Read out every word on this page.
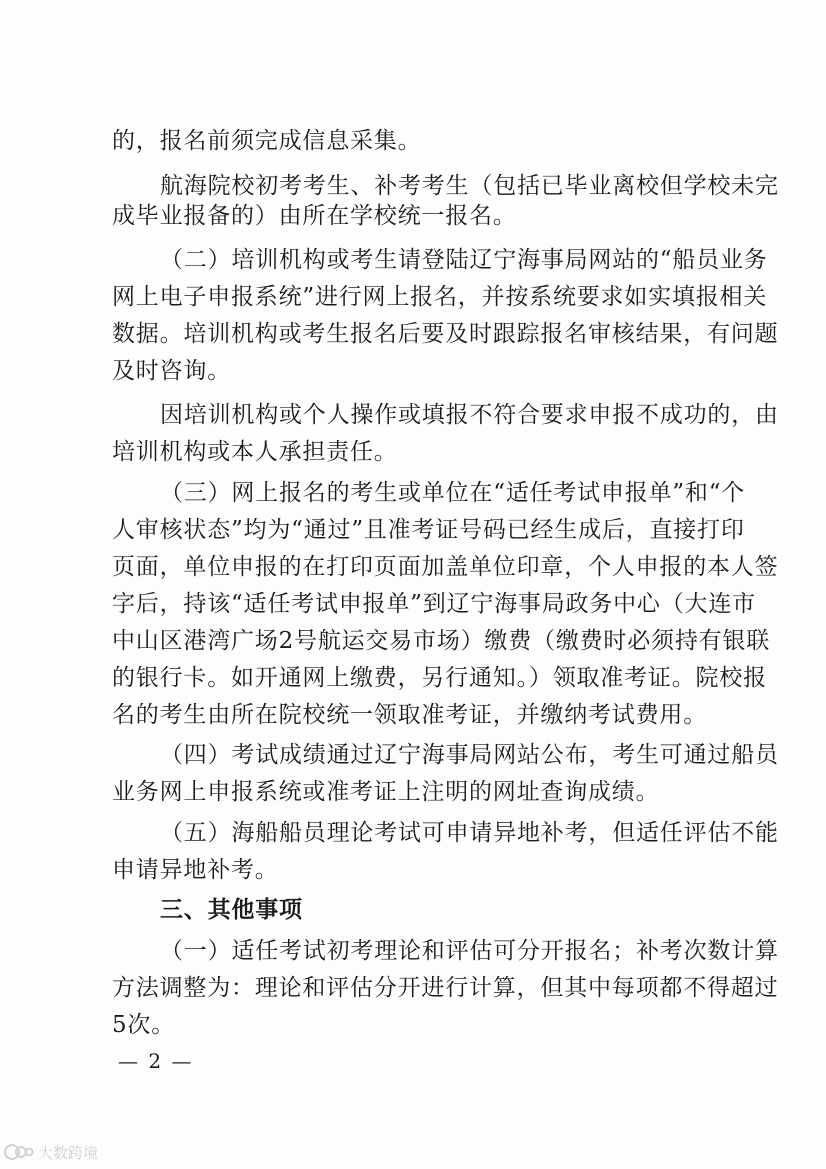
的，报名前须完成信息采集。
航海院校初考考生、补考考生（包括已毕业离校但学校未完
成毕业报备的）由所在学校统一报名。
（二）培训机构或考生请登陆辽宁海事局网站的“船员业务
网上电子申报系统”进行网上报名，并按系统要求如实填报相关
数据。培训机构或考生报名后要及时跟踪报名审核结果，有问题
及时咨询。
因培训机构或个人操作或填报不符合要求申报不成功的，由
培训机构或本人承担责任。
（三）网上报名的考生或单位在“适任考试申报单”和“个
人审核状态”均为“通过”且准考证号码已经生成后，直接打印
页面，单位申报的在打印页面加盖单位印章，个人申报的本人签
字后，持该“适任考试申报单”到辽宁海事局政务中心（大连市
中山区港湾广场2号航运交易市场）缴费（缴费时必须持有银联
的银行卡。如开通网上缴费，另行通知。）领取准考证。院校报
名的考生由所在院校统一领取准考证，并缴纳考试费用。
（四）考试成绩通过辽宁海事局网站公布，考生可通过船员
业务网上申报系统或准考证上注明的网址查询成绩。
（五）海船船员理论考试可申请异地补考，但适任评估不能
申请异地补考。
三、其他事项
（一）适任考试初考理论和评估可分开报名；补考次数计算
方法调整为：理论和评估分开进行计算，但其中每项都不得超过
5次。
— 2 —
大数跨境
